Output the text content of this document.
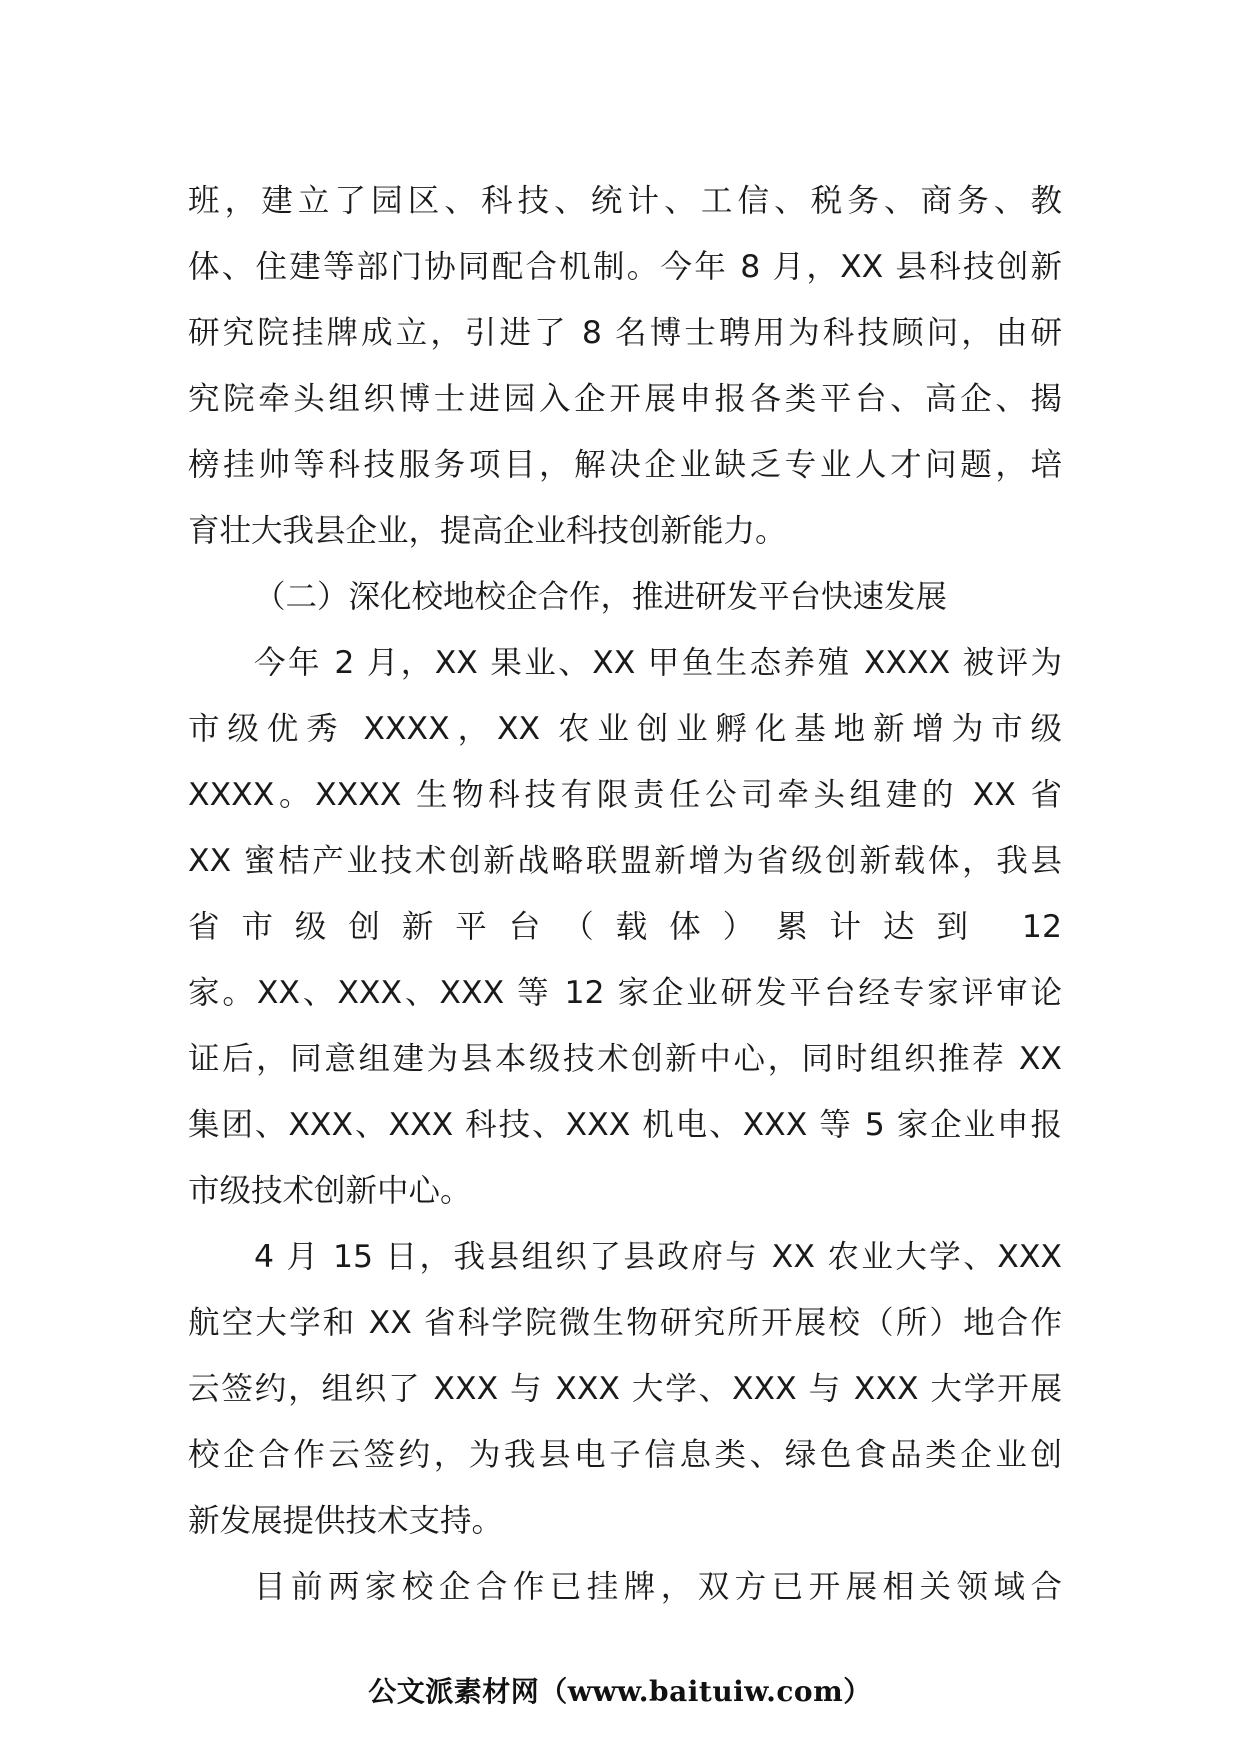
班，建立了园区、科技、统计、工信、税务、商务、教
体、住建等部门协同配合机制。今年 8 月，XX 县科技创新
研究院挂牌成立，引进了 8 名博士聘用为科技顾问，由研
究院牵头组织博士进园入企开展申报各类平台、高企、揭
榜挂帅等科技服务项目，解决企业缺乏专业人才问题，培
育壮大我县企业，提高企业科技创新能力。
（二）深化校地校企合作，推进研发平台快速发展
今年 2 月，XX 果业、XX 甲鱼生态养殖 XXXX 被评为
市级优秀 XXXX，XX 农业创业孵化基地新增为市级
XXXX。XXXX 生物科技有限责任公司牵头组建的 XX 省
XX 蜜桔产业技术创新战略联盟新增为省级创新载体，我县
省市级创新平台（载体）累计达到 12
家。XX、XXX、XXX 等 12 家企业研发平台经专家评审论
证后，同意组建为县本级技术创新中心，同时组织推荐 XX
集团、XXX、XXX 科技、XXX 机电、XXX 等 5 家企业申报
市级技术创新中心。
4 月 15 日，我县组织了县政府与 XX 农业大学、XXX
航空大学和 XX 省科学院微生物研究所开展校（所）地合作
云签约，组织了 XXX 与 XXX 大学、XXX 与 XXX 大学开展
校企合作云签约，为我县电子信息类、绿色食品类企业创
新发展提供技术支持。
目前两家校企合作已挂牌，双方已开展相关领域合
公文派素材网（www.baituiw.com）
